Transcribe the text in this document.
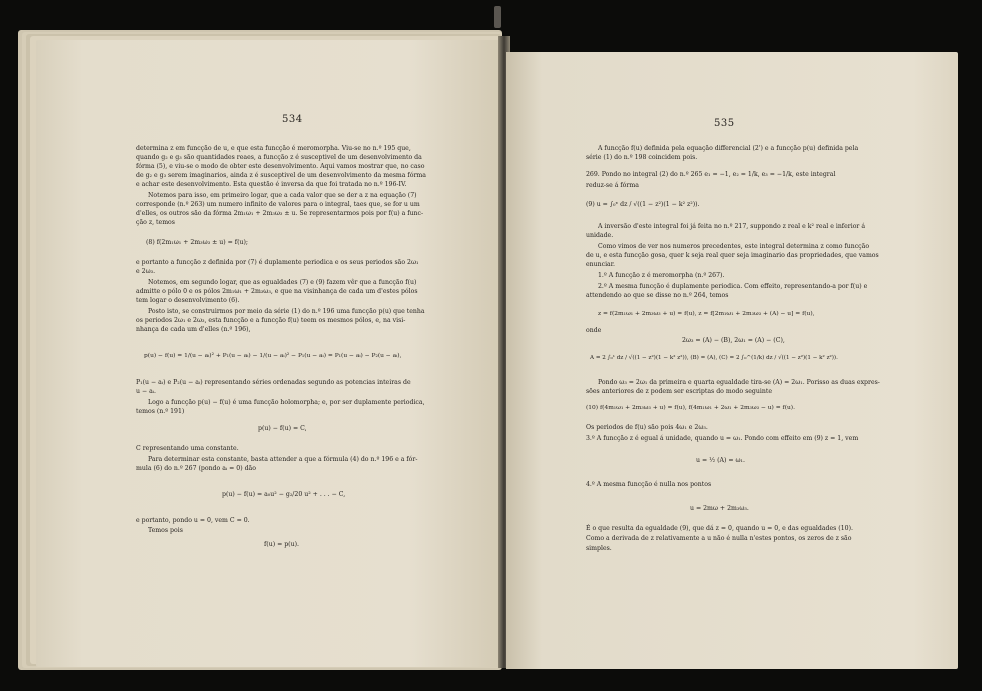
534
determina z em funcção de u, e que esta funcção é meromorpha. Viu-se no n.º 195 que,
quando g₂ e g₃ são quantidades reaes, a funcção z é susceptivel de um desenvolvimento da
fórma (5), e viu-se o modo de obter este desenvolvimento. Aqui vamos mostrar que, no caso
de g₂ e g₃ serem imaginarios, ainda z é susceptivel de um desenvolvimento da mesma fórma
e achar este desenvolvimento. Esta questão é inversa da que foi tratada no n.º 196-IV.
Notemos para isso, em primeiro logar, que a cada valor que se der a z na equação (7)
corresponde (n.º 263) um numero infinito de valores para o integral, taes que, se for u um
d'elles, os outros são da fórma 2m₁ω₁ + 2m₃ω₃ ± u. Se representarmos pois por f(u) a func-
ção z, temos
(8) f(2m₁ω₁ + 2m₃ω₃ ± u) = f(u);
e portanto a funcção z definida por (7) é duplamente periodica e os seus periodos são 2ω₁
e 2ω₃.
Notemos, em segundo logar, que as egualdades (7) e (9) fazem vêr que a funcção f(u)
admitte o pólo 0 e os pólos 2m₁ω₁ + 2m₃ω₃, e que na visinhança de cada um d'estes pólos
tem logar o desenvolvimento (6).
Posto isto, se construirmos por meio da série (1) do n.º 196 uma funcção p(u) que tenha
os periodos 2ω₁ e 2ω₃, esta funcção e a funcção f(u) teem os mesmos pólos, e, na visi-
nhança de cada um d'elles (n.º 196),
p(u) − f(u) = 1/(u − aᵢ)² + P₁(u − aᵢ) − 1/(u − aᵢ)² − P₁(u − aᵢ) = P₁(u − aᵢ) − P₂(u − aᵢ),
P₁(u − aᵢ) e P₂(u − aᵢ) representando séries ordenadas segundo as potencias inteiras de
u − aᵢ.
Logo a funcção p(u) − f(u) é uma funcção holomorpha; e, por ser duplamente periodica,
temos (n.º 191)
p(u) − f(u) = C,
C representando uma constante.
Para determinar esta constante, basta attender a que a fórmula (4) do n.º 196 e a fór-
mula (6) do n.º 267 (pondo aᵢ = 0) dão
p(u) − f(u) = a₀u² − g₂/20 u² + . . . − C,
e portanto, pondo u = 0, vem C = 0.
Temos pois
f(u) = p(u).
535
A funcção f(u) definida pela equação differencial (2') e a funcção p(u) definida pela
série (1) do n.º 198 coincidem pois.
269. Pondo no integral (2) do n.º 265 e₁ = −1, e₂ = 1/k, e₃ = −1/k, este integral
reduz-se á fórma
(9) u = ∫₀ˣ dz / √((1 − z²)(1 − k² z²)).
A inversão d'este integral foi já feita no n.º 217, suppondo z real e k² real e inferior á
unidade.
Como vimos de ver nos numeros precedentes, este integral determina z como funcção
de u, e esta funcção gosa, quer k seja real quer seja imaginario das propriedades, que vamos
enunciar.
1.º A funcção z é meromorpha (n.º 267).
2.º A mesma funcção é duplamente periodica. Com effeito, representando-a por f(u) e
attendendo ao que se disse no n.º 264, temos
z = f(2m₁ω₁ + 2m₃ω₃ + u) = f(u), z = f[2m₁ω₁ + 2m₃ω₃ + (A) − u] = f(u),
onde
2ω₃ = (A) − (B), 2ω₁ = (A) − (C),
A = 2 ∫₀¹ dz / √((1 − z²)(1 − k² z²)), (B) = (A), (C) = 2 ∫₀^(1/k) dz / √((1 − z²)(1 − k² z²)).
Pondo ω₃ = 2ω₁ da primeira e quarta egualdade tira-se (A) = 2ω₁. Porisso as duas expres-
sões anteriores de z podem ser escriptas do modo seguinte
(10) f(4m₁ω₁ + 2m₃ω₃ + u) = f(u), f(4m₁ω₁ + 2ω₁ + 2m₃ω₃ − u) = f(u).
Os periodos de f(u) são pois 4ω₁ e 2ω₃.
3.º A funcção z é egual á unidade, quando u = ω₁. Pondo com effeito em (9) z = 1, vem
u = ½ (A) = ω₁.
4.º A mesma funcção é nulla nos pontos
u = 2mω + 2m₃ω₃.
É o que resulta da egualdade (9), que dá z = 0, quando u = 0, e das egualdades (10).
Como a derivada de z relativamente a u não é nulla n'estes pontos, os zeros de z são
simples.
